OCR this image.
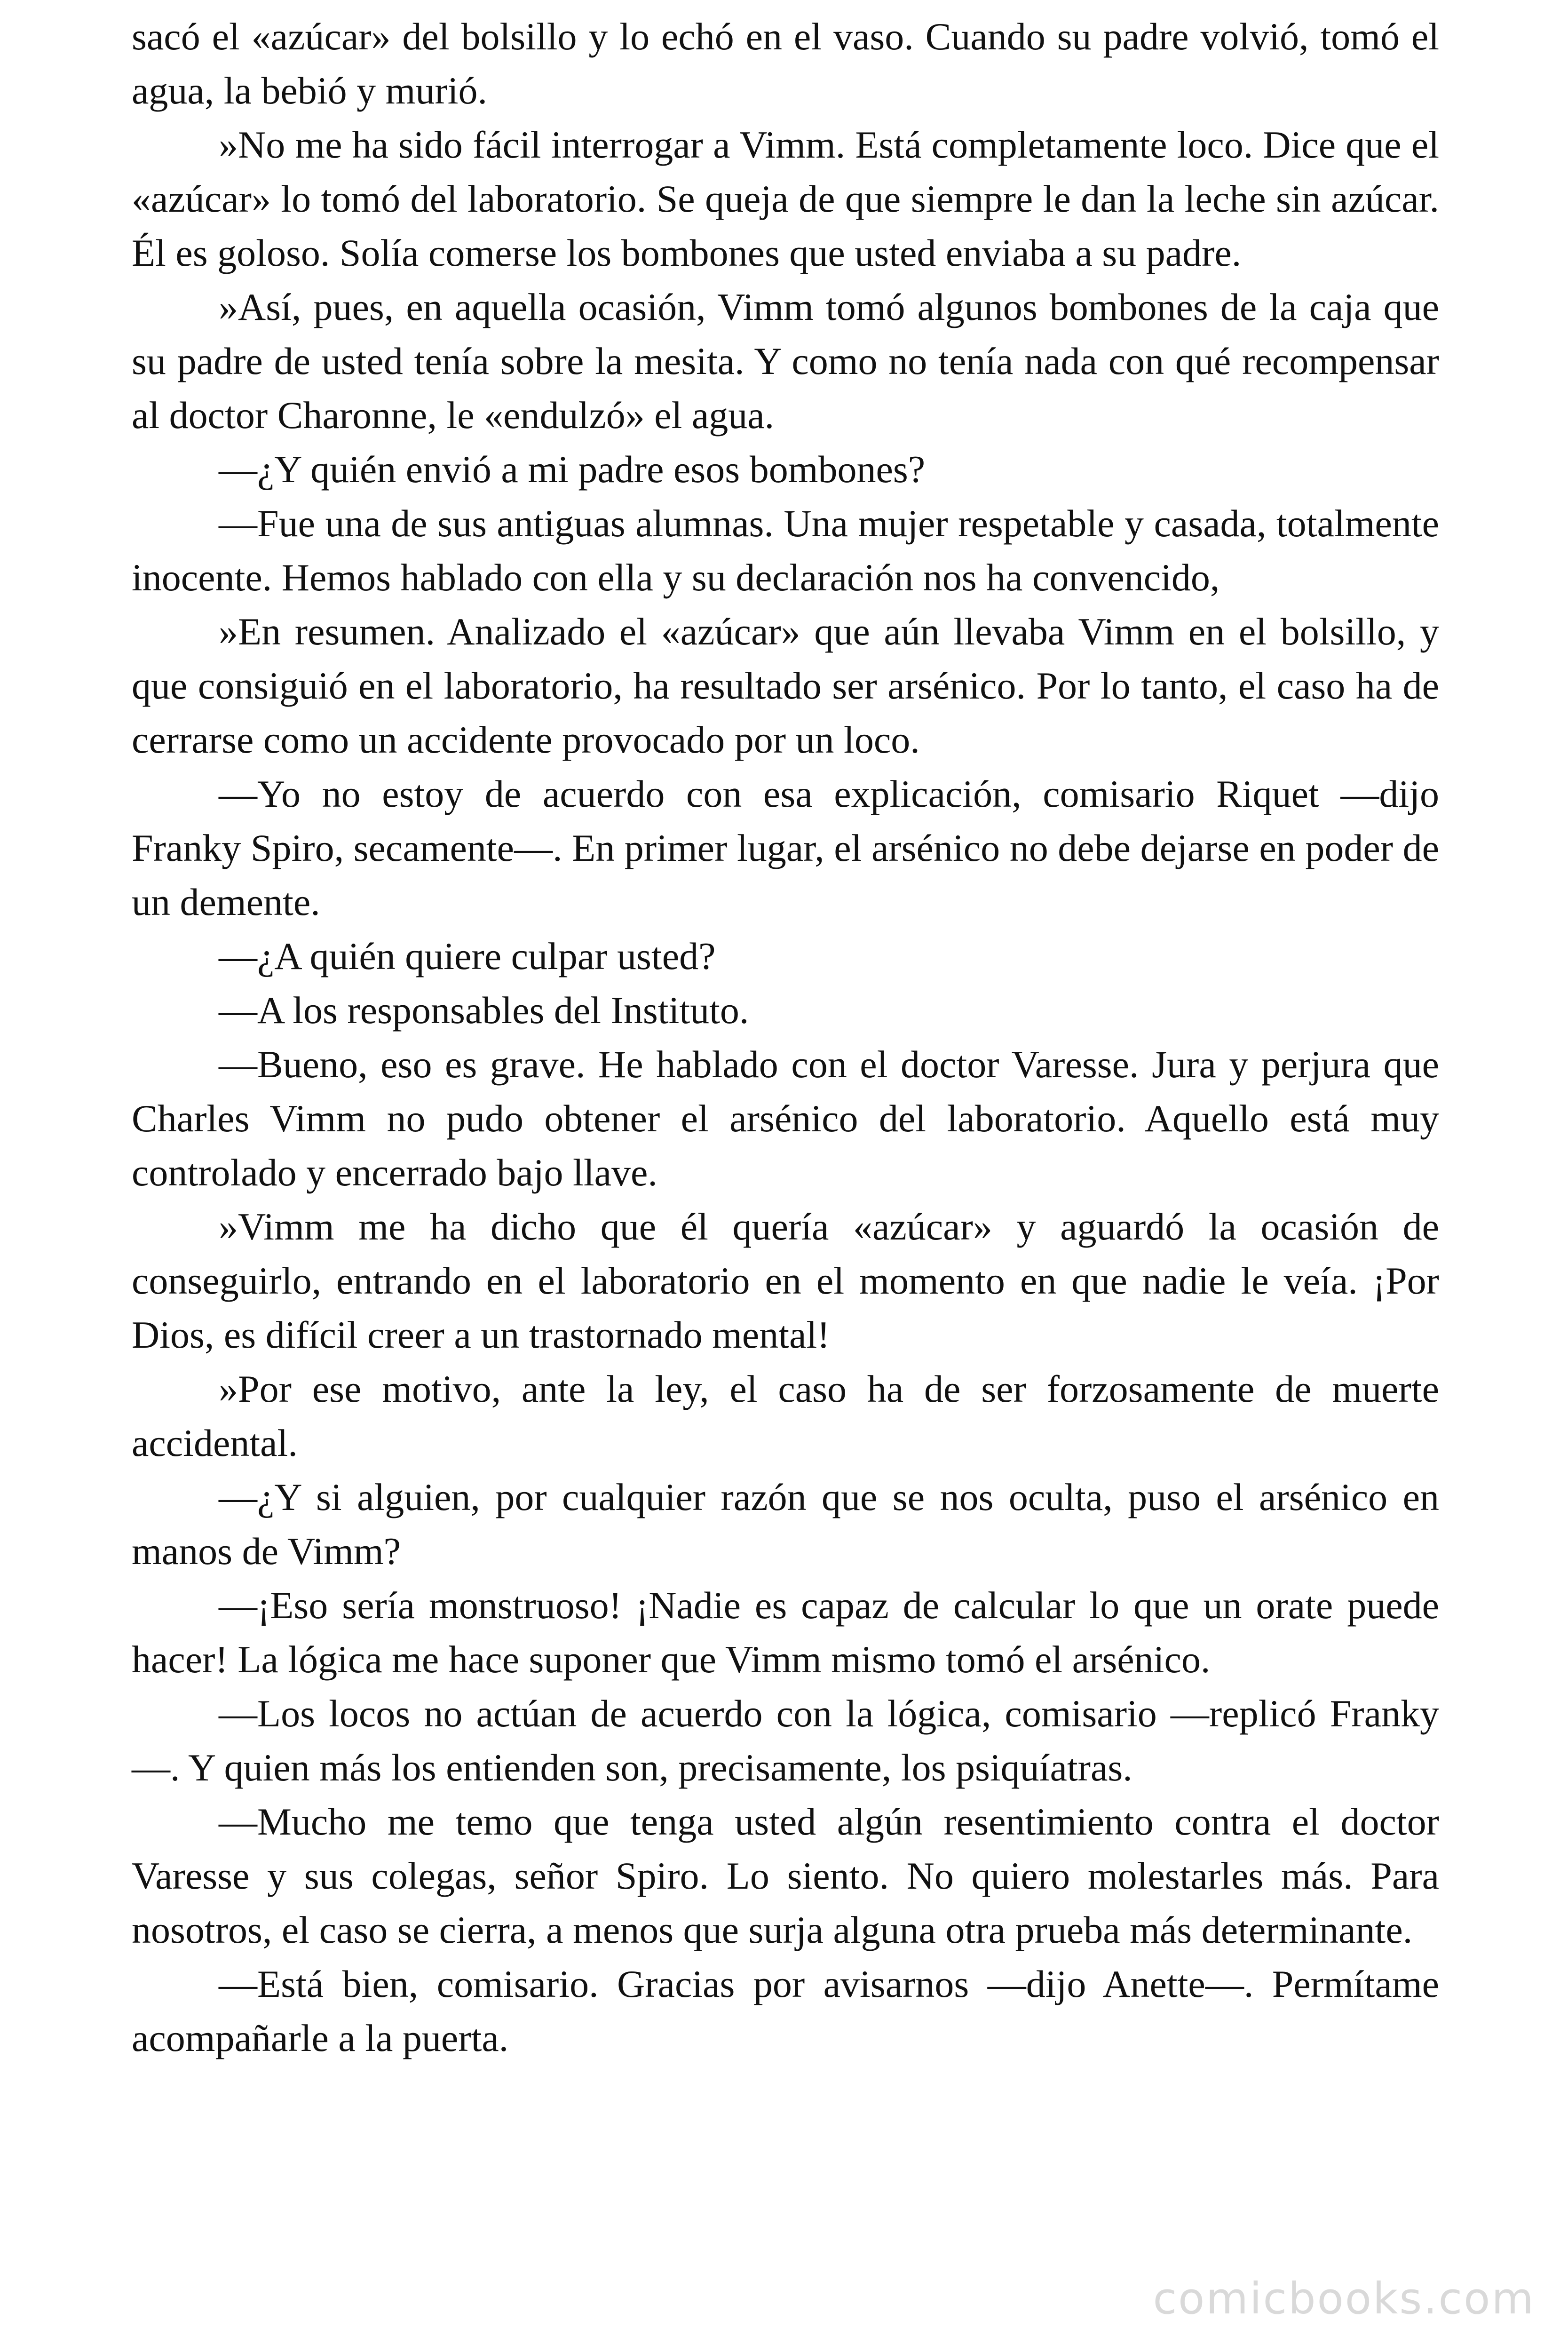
sacó el «azúcar» del bolsillo y lo echó en el vaso. Cuando su padre volvió, tomó el agua, la bebió y murió.

»No me ha sido fácil interrogar a Vimm. Está completamente loco. Dice que el «azúcar» lo tomó del laboratorio. Se queja de que siempre le dan la leche sin azúcar. Él es goloso. Solía comerse los bombones que usted enviaba a su padre.

»Así, pues, en aquella ocasión, Vimm tomó algunos bombones de la caja que su padre de usted tenía sobre la mesita. Y como no tenía nada con qué recompensar al doctor Charonne, le «endulzó» el agua.

—¿Y quién envió a mi padre esos bombones?

—Fue una de sus antiguas alumnas. Una mujer respetable y casada, totalmente inocente. Hemos hablado con ella y su declaración nos ha convencido,

»En resumen. Analizado el «azúcar» que aún llevaba Vimm en el bolsillo, y que consiguió en el laboratorio, ha resultado ser arsénico. Por lo tanto, el caso ha de cerrarse como un accidente provocado por un loco.

—Yo no estoy de acuerdo con esa explicación, comisario Riquet —dijo Franky Spiro, secamente—. En primer lugar, el arsénico no debe dejarse en poder de un demente.

—¿A quién quiere culpar usted?

—A los responsables del Instituto.

—Bueno, eso es grave. He hablado con el doctor Varesse. Jura y perjura que Charles Vimm no pudo obtener el arsénico del laboratorio. Aquello está muy controlado y encerrado bajo llave.

»Vimm me ha dicho que él quería «azúcar» y aguardó la ocasión de conseguirlo, entrando en el laboratorio en el momento en que nadie le veía. ¡Por Dios, es difícil creer a un trastornado mental!

»Por ese motivo, ante la ley, el caso ha de ser forzosamente de muerte accidental.

—¿Y si alguien, por cualquier razón que se nos oculta, puso el arsénico en manos de Vimm?

—¡Eso sería monstruoso! ¡Nadie es capaz de calcular lo que un orate puede hacer! La lógica me hace suponer que Vimm mismo tomó el arsénico.

—Los locos no actúan de acuerdo con la lógica, comisario —replicó Franky—. Y quien más los entienden son, precisamente, los psiquíatras.

—Mucho me temo que tenga usted algún resentimiento contra el doctor Varesse y sus colegas, señor Spiro. Lo siento. No quiero molestarles más. Para nosotros, el caso se cierra, a menos que surja alguna otra prueba más determinante.

—Está bien, comisario. Gracias por avisarnos —dijo Anette—. Permítame acompañarle a la puerta.

comicbooks.com
